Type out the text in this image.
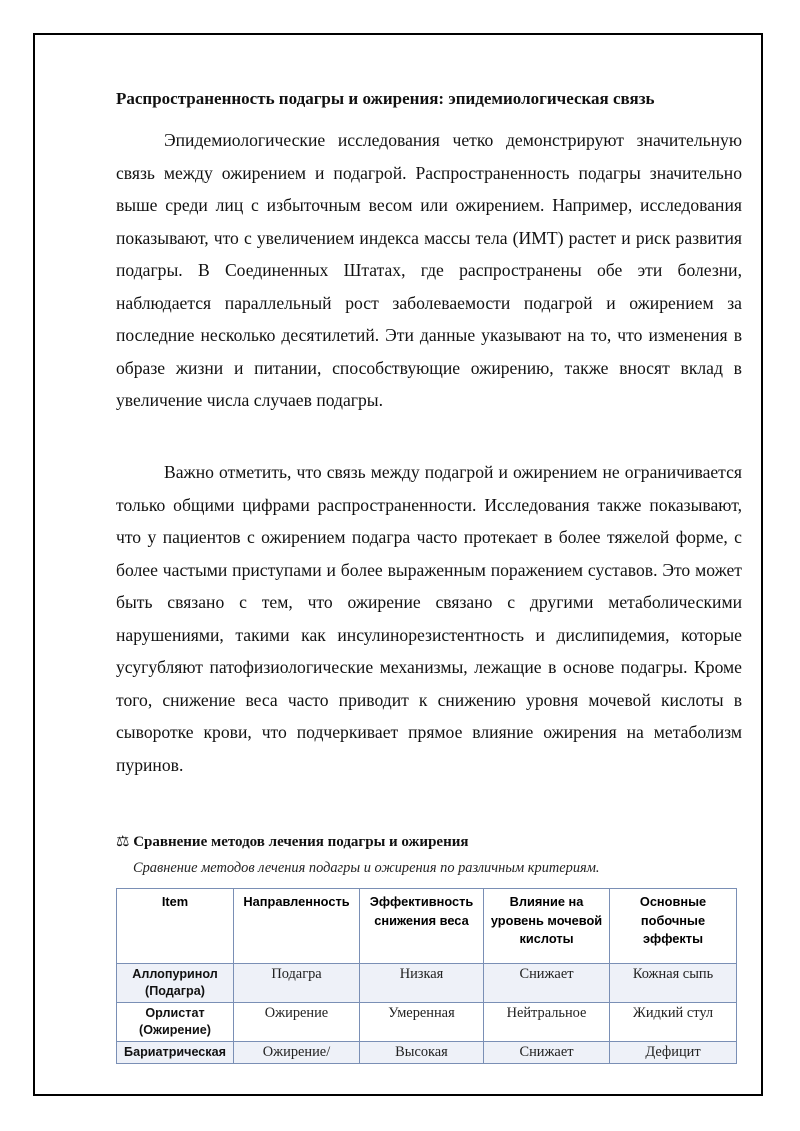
Распространенность подагры и ожирения: эпидемиологическая связь

Эпидемиологические исследования четко демонстрируют значительную связь между ожирением и подагрой. Распространенность подагры значительно выше среди лиц с избыточным весом или ожирением. Например, исследования показывают, что с увеличением индекса массы тела (ИМТ) растет и риск развития подагры. В Соединенных Штатах, где распространены обе эти болезни, наблюдается параллельный рост заболеваемости подагрой и ожирением за последние несколько десятилетий. Эти данные указывают на то, что изменения в образе жизни и питании, способствующие ожирению, также вносят вклад в увеличение числа случаев подагры.

Важно отметить, что связь между подагрой и ожирением не ограничивается только общими цифрами распространенности. Исследования также показывают, что у пациентов с ожирением подагра часто протекает в более тяжелой форме, с более частыми приступами и более выраженным поражением суставов. Это может быть связано с тем, что ожирение связано с другими метаболическими нарушениями, такими как инсулинорезистентность и дислипидемия, которые усугубляют патофизиологические механизмы, лежащие в основе подагры. Кроме того, снижение веса часто приводит к снижению уровня мочевой кислоты в сыворотке крови, что подчеркивает прямое влияние ожирения на метаболизм пуринов.

⚖ Сравнение методов лечения подагры и ожирения
Сравнение методов лечения подагры и ожирения по различным критериям.
Item	Направленность	Эффективность снижения веса	Влияние на уровень мочевой кислоты	Основные побочные эффекты
Аллопуринол (Подагра)	Подагра	Низкая	Снижает	Кожная сыпь
Орлистат (Ожирение)	Ожирение	Умеренная	Нейтральное	Жидкий стул
Бариатрическая	Ожирение/	Высокая	Снижает	Дефицит
